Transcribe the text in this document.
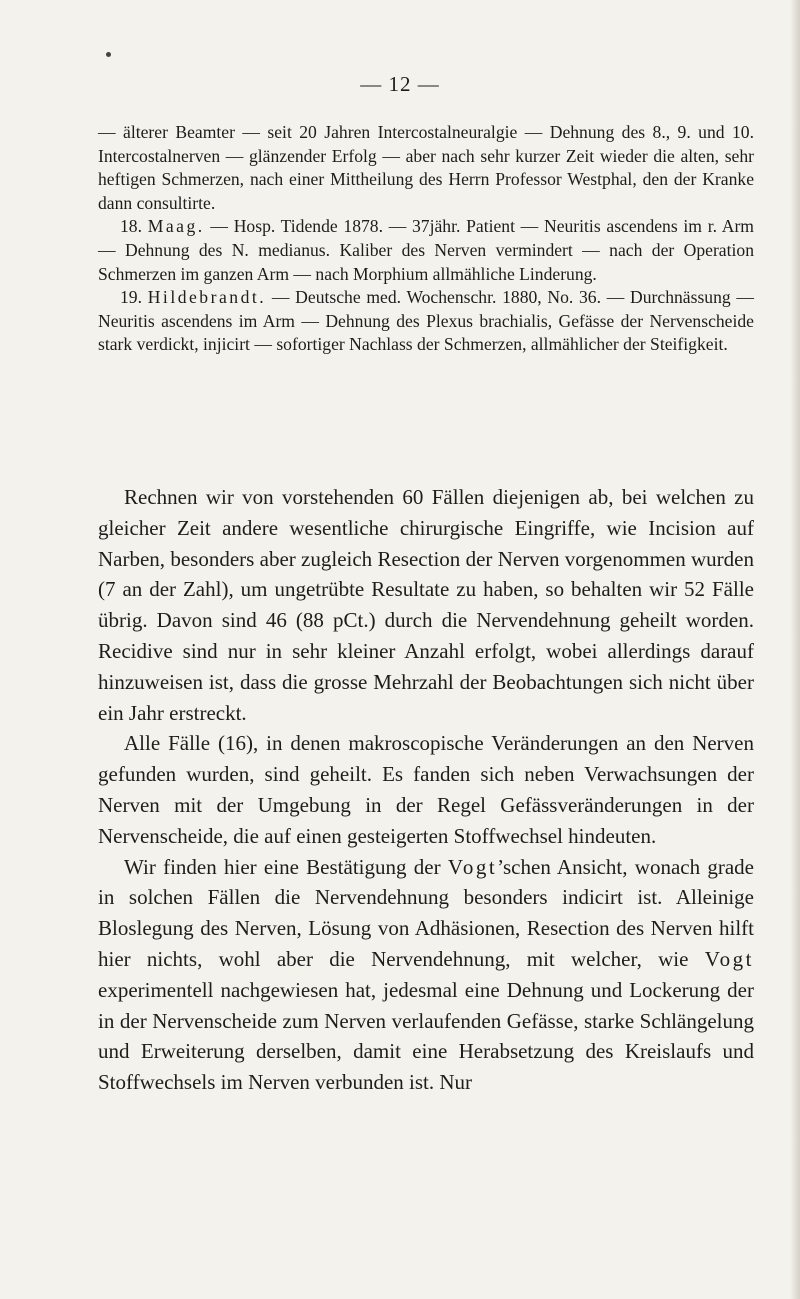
— 12 —

— älterer Beamter — seit 20 Jahren Intercostalneuralgie — Dehnung des 8., 9. und 10. Intercostalnerven — glänzender Erfolg — aber nach sehr kurzer Zeit wieder die alten, sehr heftigen Schmerzen, nach einer Mittheilung des Herrn Professor Westphal, den der Kranke dann consultirte.

18. Maag. — Hosp. Tidende 1878. — 37jähr. Patient — Neuritis ascendens im r. Arm — Dehnung des N. medianus. Kaliber des Nerven vermindert — nach der Operation Schmerzen im ganzen Arm — nach Morphium allmähliche Linderung.

19. Hildebrandt. — Deutsche med. Wochenschr. 1880, No. 36. — Durchnässung — Neuritis ascendens im Arm — Dehnung des Plexus brachialis, Gefässe der Nervenscheide stark verdickt, injicirt — sofortiger Nachlass der Schmerzen, allmählicher der Steifigkeit.

Rechnen wir von vorstehenden 60 Fällen diejenigen ab, bei welchen zu gleicher Zeit andere wesentliche chirurgische Eingriffe, wie Incision auf Narben, besonders aber zugleich Resection der Nerven vorgenommen wurden (7 an der Zahl), um ungetrübte Resultate zu haben, so behalten wir 52 Fälle übrig. Davon sind 46 (88 pCt.) durch die Nervendehnung geheilt worden. Recidive sind nur in sehr kleiner Anzahl erfolgt, wobei allerdings darauf hinzuweisen ist, dass die grosse Mehrzahl der Beobachtungen sich nicht über ein Jahr erstreckt.

Alle Fälle (16), in denen makroscopische Veränderungen an den Nerven gefunden wurden, sind geheilt. Es fanden sich neben Verwachsungen der Nerven mit der Umgebung in der Regel Gefässveränderungen in der Nervenscheide, die auf einen gesteigerten Stoffwechsel hindeuten.

Wir finden hier eine Bestätigung der Vogt’schen Ansicht, wonach grade in solchen Fällen die Nervendehnung besonders indicirt ist. Alleinige Bloslegung des Nerven, Lösung von Adhäsionen, Resection des Nerven hilft hier nichts, wohl aber die Nervendehnung, mit welcher, wie Vogt experimentell nachgewiesen hat, jedesmal eine Dehnung und Lockerung der in der Nervenscheide zum Nerven verlaufenden Gefässe, starke Schlängelung und Erweiterung derselben, damit eine Herabsetzung des Kreislaufs und Stoffwechsels im Nerven verbunden ist. Nur
